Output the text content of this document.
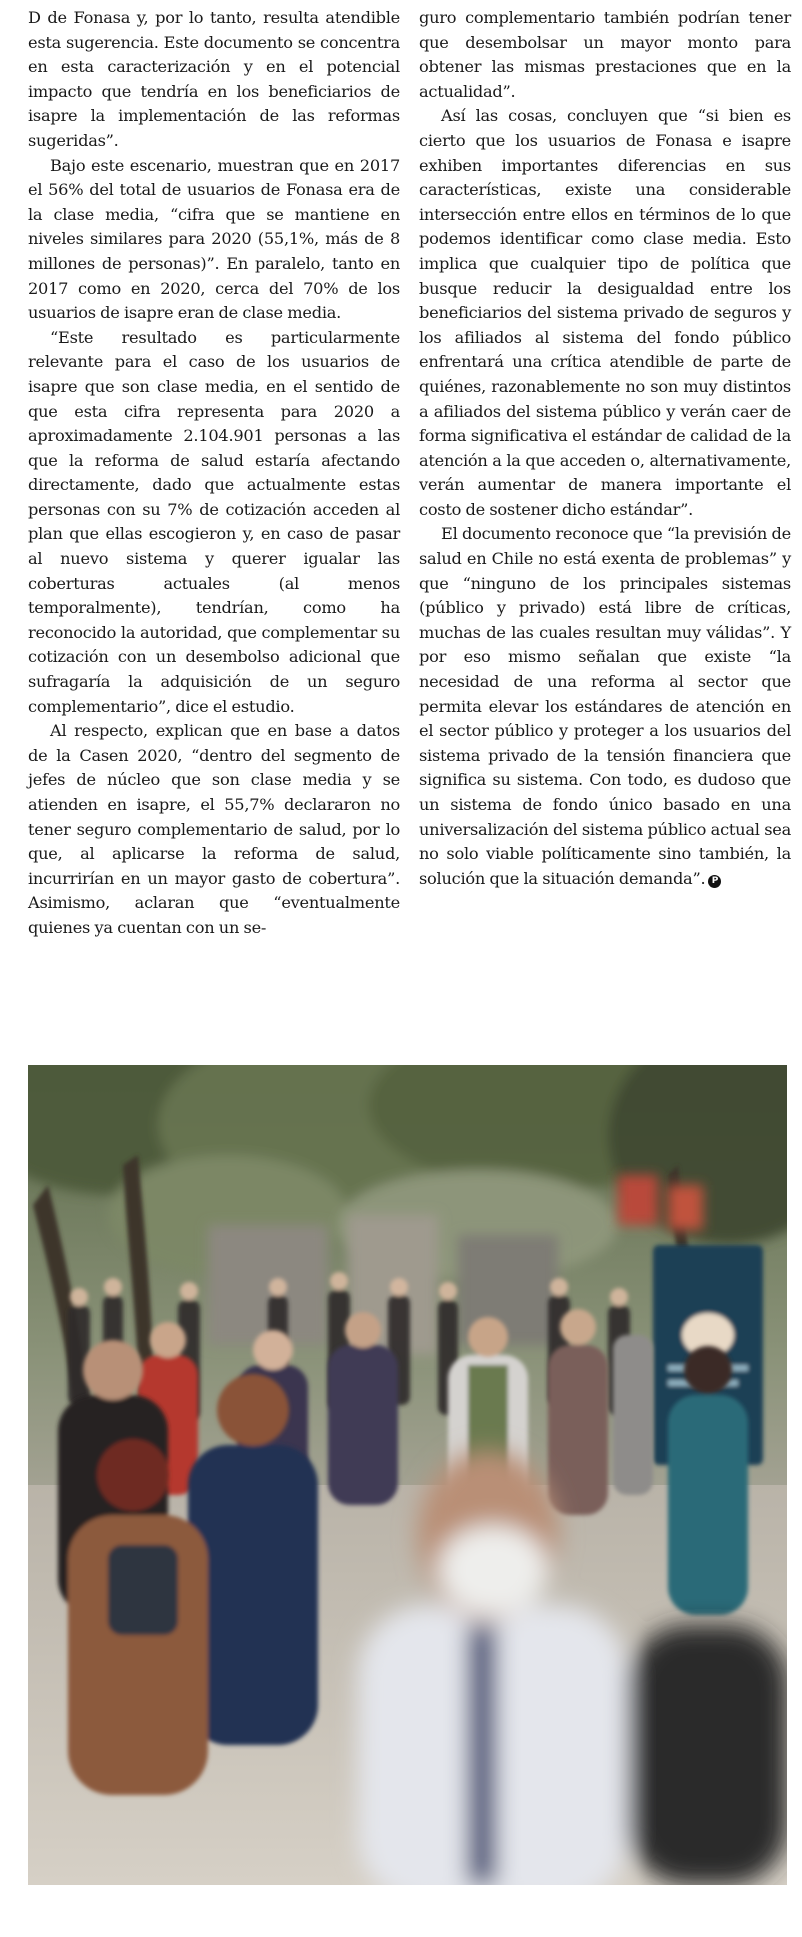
D de Fonasa y, por lo tanto, resulta atendible esta sugerencia. Este documento se concentra en esta caracterización y en el potencial impacto que tendría en los beneficiarios de isapre la implementación de las reformas sugeridas”.

Bajo este escenario, muestran que en 2017 el 56% del total de usuarios de Fonasa era de la clase media, “cifra que se mantiene en niveles similares para 2020 (55,1%, más de 8 millones de personas)”. En paralelo, tanto en 2017 como en 2020, cerca del 70% de los usuarios de isapre eran de clase media.

“Este resultado es particularmente relevante para el caso de los usuarios de isapre que son clase media, en el sentido de que esta cifra representa para 2020 a aproximadamente 2.104.901 personas a las que la reforma de salud estaría afectando directamente, dado que actualmente estas personas con su 7% de cotización acceden al plan que ellas escogieron y, en caso de pasar al nuevo sistema y querer igualar las coberturas actuales (al menos temporalmente), tendrían, como ha reconocido la autoridad, que complementar su cotización con un desembolso adicional que sufragaría la adquisición de un seguro complementario”, dice el estudio.

Al respecto, explican que en base a datos de la Casen 2020, “dentro del segmento de jefes de núcleo que son clase media y se atienden en isapre, el 55,7% declararon no tener seguro complementario de salud, por lo que, al aplicarse la reforma de salud, incurrirían en un mayor gasto de cobertura”. Asimismo, aclaran que “eventualmente quienes ya cuentan con un se-

guro complementario también podrían tener que desembolsar un mayor monto para obtener las mismas prestaciones que en la actualidad”.

Así las cosas, concluyen que “si bien es cierto que los usuarios de Fonasa e isapre exhiben importantes diferencias en sus características, existe una considerable intersección entre ellos en términos de lo que podemos identificar como clase media. Esto implica que cualquier tipo de política que busque reducir la desigualdad entre los beneficiarios del sistema privado de seguros y los afiliados al sistema del fondo público enfrentará una crítica atendible de parte de quiénes, razonablemente no son muy distintos a afiliados del sistema público y verán caer de forma significativa el estándar de calidad de la atención a la que acceden o, alternativamente, verán aumentar de manera importante el costo de sostener dicho estándar”.

El documento reconoce que “la previsión de salud en Chile no está exenta de problemas” y que “ninguno de los principales sistemas (público y privado) está libre de críticas, muchas de las cuales resultan muy válidas”. Y por eso mismo señalan que existe “la necesidad de una reforma al sector que permita elevar los estándares de atención en el sector público y proteger a los usuarios del sistema privado de la tensión financiera que significa su sistema. Con todo, es dudoso que un sistema de fondo único basado en una universalización del sistema público actual sea no solo viable políticamente sino también, la solución que la situación demanda”. P
